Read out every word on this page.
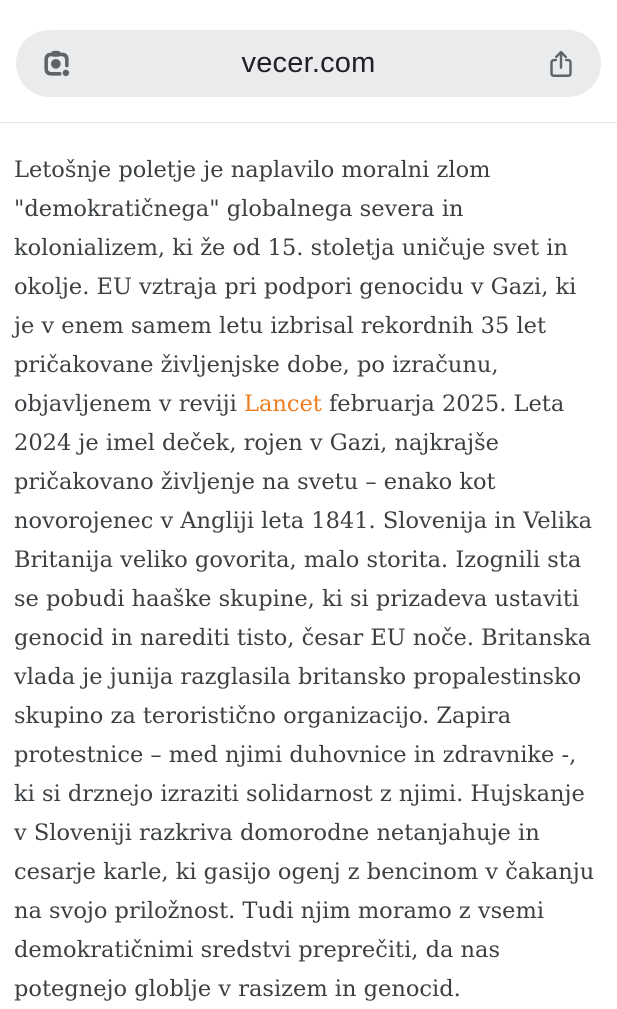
vecer.com

Letošnje poletje je naplavilo moralni zlom "demokratičnega" globalnega severa in kolonializem, ki že od 15. stoletja uničuje svet in okolje. EU vztraja pri podpori genocidu v Gazi, ki je v enem samem letu izbrisal rekordnih 35 let pričakovane življenjske dobe, po izračunu, objavljenem v reviji Lancet februarja 2025. Leta 2024 je imel deček, rojen v Gazi, najkrajše pričakovano življenje na svetu – enako kot novorojenec v Angliji leta 1841. Slovenija in Velika Britanija veliko govorita, malo storita. Izognili sta se pobudi haaške skupine, ki si prizadeva ustaviti genocid in narediti tisto, česar EU noče. Britanska vlada je junija razglasila britansko propalestinsko skupino za teroristično organizacijo. Zapira protestnice – med njimi duhovnice in zdravnike -, ki si drznejo izraziti solidarnost z njimi. Hujskanje v Sloveniji razkriva domorodne netanjahuje in cesarje karle, ki gasijo ogenj z bencinom v čakanju na svojo priložnost. Tudi njim moramo z vsemi demokratičnimi sredstvi preprečiti, da nas potegnejo globlje v rasizem in genocid.
